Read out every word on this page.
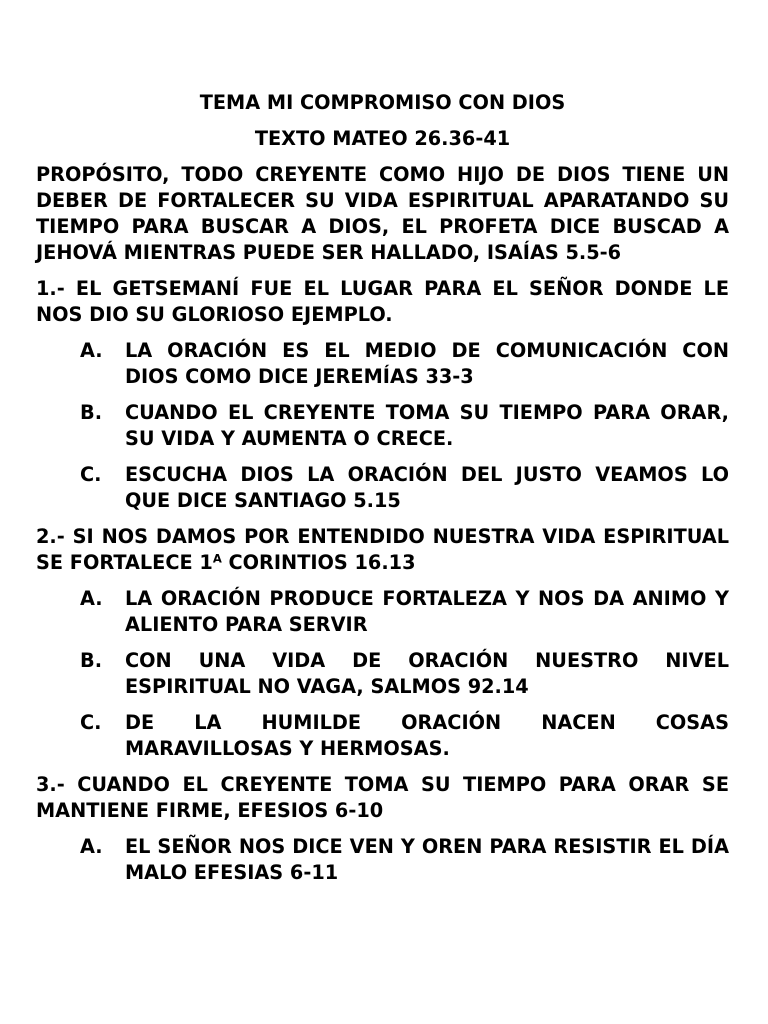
TEMA MI COMPROMISO CON DIOS

TEXTO MATEO 26.36-41

PROPÓSITO, TODO CREYENTE COMO HIJO DE DIOS TIENE UN DEBER DE FORTALECER SU VIDA ESPIRITUAL APARATANDO SU TIEMPO PARA BUSCAR A DIOS, EL PROFETA DICE BUSCAD A JEHOVÁ MIENTRAS PUEDE SER HALLADO, ISAÍAS 5.5-6

1.- EL GETSEMANÍ FUE EL LUGAR PARA EL SEÑOR DONDE LE NOS DIO SU GLORIOSO EJEMPLO.

A. LA ORACIÓN ES EL MEDIO DE COMUNICACIÓN CON DIOS COMO DICE JEREMÍAS 33-3
B. CUANDO EL CREYENTE TOMA SU TIEMPO PARA ORAR, SU VIDA Y AUMENTA O CRECE.
C. ESCUCHA DIOS LA ORACIÓN DEL JUSTO VEAMOS LO QUE DICE SANTIAGO 5.15

2.- SI NOS DAMOS POR ENTENDIDO NUESTRA VIDA ESPIRITUAL SE FORTALECE $1^A$ CORINTIOS 16.13

A. LA ORACIÓN PRODUCE FORTALEZA Y NOS DA ANIMO Y ALIENTO PARA SERVIR
B. CON UNA VIDA DE ORACIÓN NUESTRO NIVEL ESPIRITUAL NO VAGA, SALMOS 92.14
C. DE LA HUMILDE ORACIÓN NACEN COSAS MARAVILLOSAS Y HERMOSAS.

3.- CUANDO EL CREYENTE TOMA SU TIEMPO PARA ORAR SE MANTIENE FIRME, EFESIOS 6-10

A. EL SEÑOR NOS DICE VEN Y OREN PARA RESISTIR EL DÍA MALO EFESIAS 6-11
